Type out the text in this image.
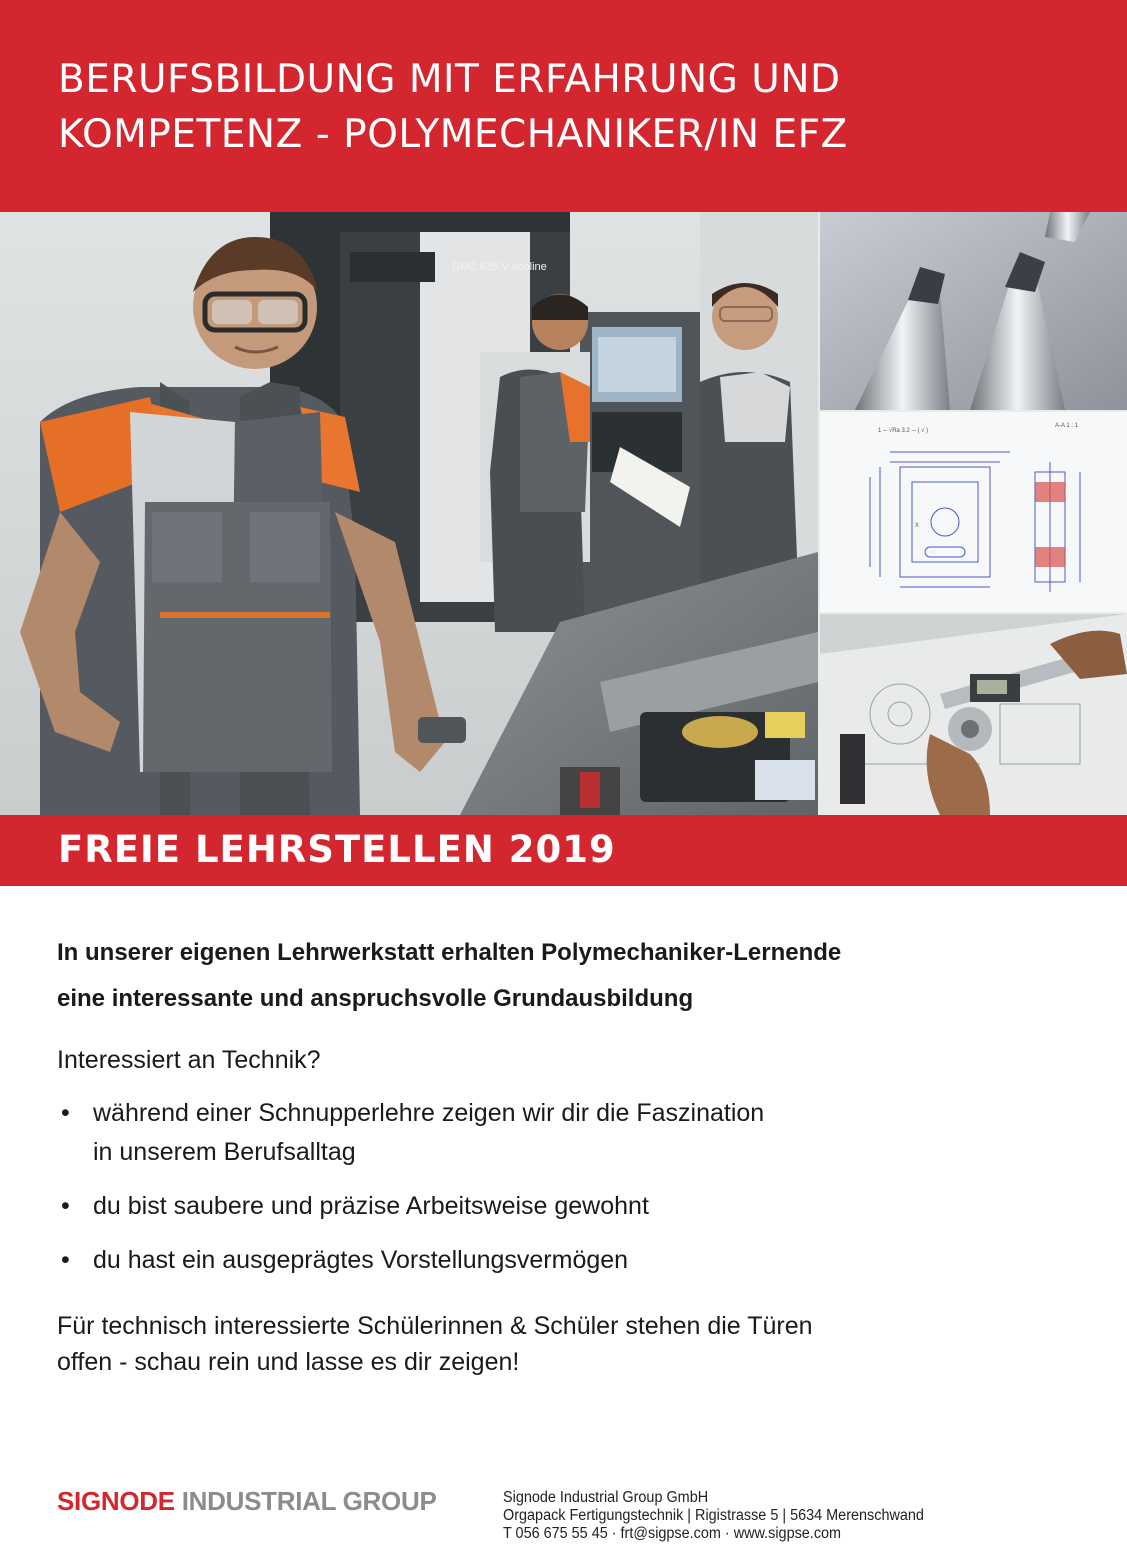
BERUFSBILDUNG MIT ERFAHRUNG UND
KOMPETENZ - POLYMECHANIKER/IN EFZ
DMC 635 V ecoline
1 ─ √Ra 3.2 ─ ( √ )
A-A 1 : 1
X
FREIE LEHRSTELLEN 2019

In unserer eigenen Lehrwerkstatt erhalten Polymechaniker-Lernende
eine interessante und anspruchsvolle Grundausbildung

Interessiert an Technik?

• während einer Schnupperlehre zeigen wir dir die Faszination
in unserem Berufsalltag
• du bist saubere und präzise Arbeitsweise gewohnt
• du hast ein ausgeprägtes Vorstellungsvermögen

Für technisch interessierte Schülerinnen & Schüler stehen die Türen
offen - schau rein und lasse es dir zeigen!

SIGNODE INDUSTRIAL GROUP	Signode Industrial Group GmbH
Orgapack Fertigungstechnik | Rigistrasse 5 | 5634 Merenschwand
T 056 675 55 45 · frt@sigpse.com · www.sigpse.com
